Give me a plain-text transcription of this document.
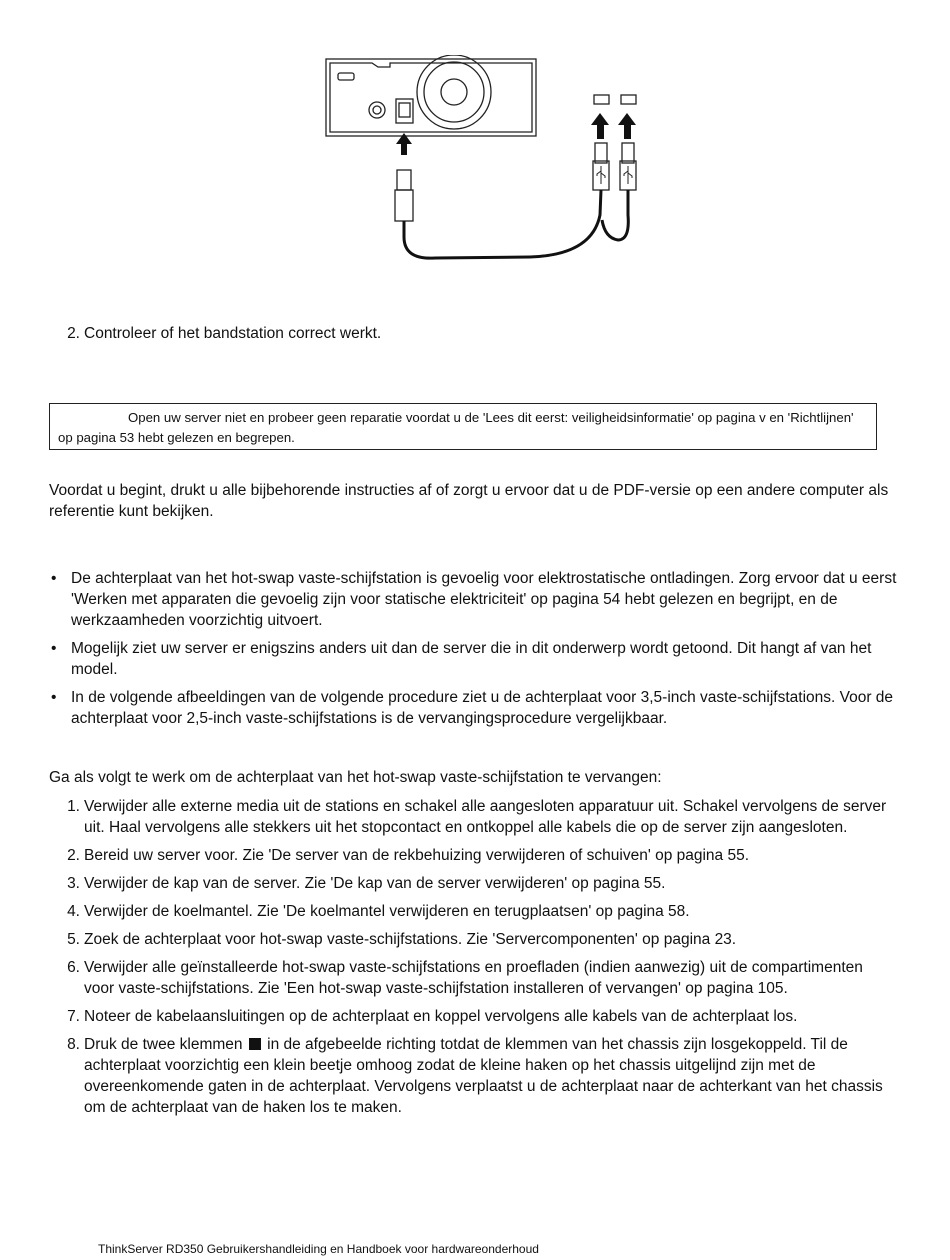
2. Controleer of het bandstation correct werkt.
Open uw server niet en probeer geen reparatie voordat u de 'Lees dit eerst: veiligheidsinformatie' op pagina v en 'Richtlijnen' op pagina 53 hebt gelezen en begrepen.
Voordat u begint, drukt u alle bijbehorende instructies af of zorgt u ervoor dat u de PDF-versie op een andere computer als referentie kunt bekijken.
• De achterplaat van het hot-swap vaste-schijfstation is gevoelig voor elektrostatische ontladingen. Zorg ervoor dat u eerst 'Werken met apparaten die gevoelig zijn voor statische elektriciteit' op pagina 54 hebt gelezen en begrijpt, en de werkzaamheden voorzichtig uitvoert.
• Mogelijk ziet uw server er enigszins anders uit dan de server die in dit onderwerp wordt getoond. Dit hangt af van het model.
• In de volgende afbeeldingen van de volgende procedure ziet u de achterplaat voor 3,5-inch vaste-schijfstations. Voor de achterplaat voor 2,5-inch vaste-schijfstations is de vervangingsprocedure vergelijkbaar.
Ga als volgt te werk om de achterplaat van het hot-swap vaste-schijfstation te vervangen:
1. Verwijder alle externe media uit de stations en schakel alle aangesloten apparatuur uit. Schakel vervolgens de server uit. Haal vervolgens alle stekkers uit het stopcontact en ontkoppel alle kabels die op de server zijn aangesloten.
2. Bereid uw server voor. Zie 'De server van de rekbehuizing verwijderen of schuiven' op pagina 55.
3. Verwijder de kap van de server. Zie 'De kap van de server verwijderen' op pagina 55.
4. Verwijder de koelmantel. Zie 'De koelmantel verwijderen en terugplaatsen' op pagina 58.
5. Zoek de achterplaat voor hot-swap vaste-schijfstations. Zie 'Servercomponenten' op pagina 23.
6. Verwijder alle geïnstalleerde hot-swap vaste-schijfstations en proefladen (indien aanwezig) uit de compartimenten voor vaste-schijfstations. Zie 'Een hot-swap vaste-schijfstation installeren of vervangen' op pagina 105.
7. Noteer de kabelaansluitingen op de achterplaat en koppel vervolgens alle kabels van de achterplaat los.
8. Druk de twee klemmen in de afgebeelde richting totdat de klemmen van het chassis zijn losgekoppeld. Til de achterplaat voorzichtig een klein beetje omhoog zodat de kleine haken op het chassis uitgelijnd zijn met de overeenkomende gaten in de achterplaat. Vervolgens verplaatst u de achterplaat naar de achterkant van het chassis om de achterplaat van de haken los te maken.
ThinkServer RD350 Gebruikershandleiding en Handboek voor hardwareonderhoud
